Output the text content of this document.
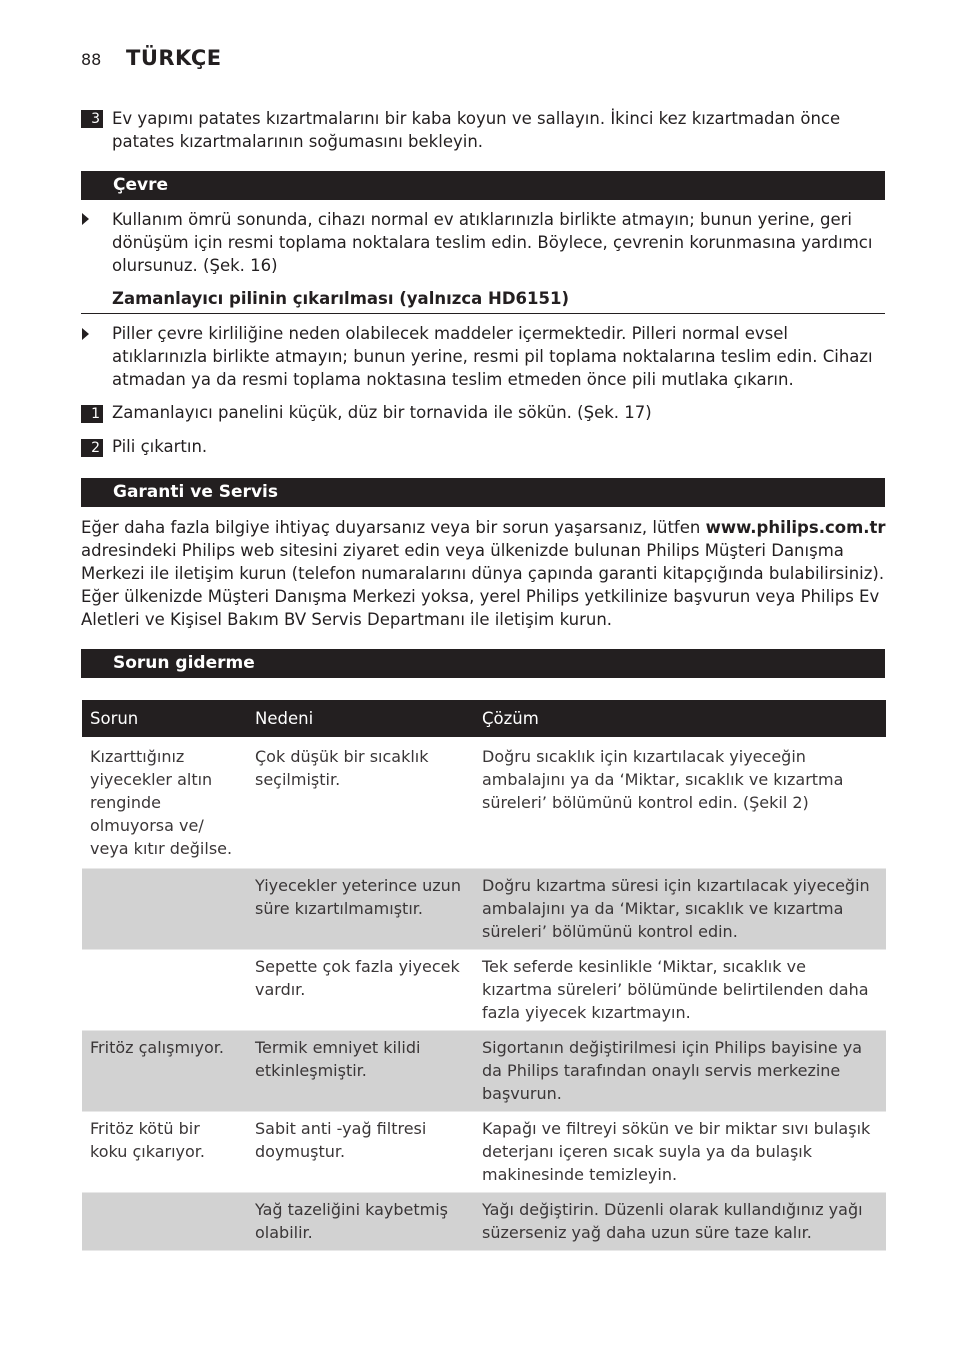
88 TÜRKÇE
3 Ev yapımı patates kızartmalarını bir kaba koyun ve sallayın. İkinci kez kızartmadan önce patates kızartmalarının soğumasını bekleyin.
Çevre
Kullanım ömrü sonunda, cihazı normal ev atıklarınızla birlikte atmayın; bunun yerine, geri dönüşüm için resmi toplama noktalara teslim edin. Böylece, çevrenin korunmasına yardımcı olursunuz. (Şek. 16)
Zamanlayıcı pilinin çıkarılması (yalnızca HD6151)
Piller çevre kirliliğine neden olabilecek maddeler içermektedir. Pilleri normal evsel atıklarınızla birlikte atmayın; bunun yerine, resmi pil toplama noktalarına teslim edin. Cihazı atmadan ya da resmi toplama noktasına teslim etmeden önce pili mutlaka çıkarın.
1 Zamanlayıcı panelini küçük, düz bir tornavida ile sökün. (Şek. 17)
2 Pili çıkartın.
Garanti ve Servis
Eğer daha fazla bilgiye ihtiyaç duyarsanız veya bir sorun yaşarsanız, lütfen www.philips.com.tr adresindeki Philips web sitesini ziyaret edin veya ülkenizde bulunan Philips Müşteri Danışma Merkezi ile iletişim kurun (telefon numaralarını dünya çapında garanti kitapçığında bulabilirsiniz). Eğer ülkenizde Müşteri Danışma Merkezi yoksa, yerel Philips yetkilinize başvurun veya Philips Ev Aletleri ve Kişisel Bakım BV Servis Departmanı ile iletişim kurun.
Sorun giderme
Sorun	Nedeni	Çözüm
Kızarttığınız yiyecekler altın renginde olmuyorsa ve/ veya kıtır değilse.	Çok düşük bir sıcaklık seçilmiştir.	Doğru sıcaklık için kızartılacak yiyeceğin ambalajını ya da ‘Miktar, sıcaklık ve kızartma süreleri’ bölümünü kontrol edin. (Şekil 2)
	Yiyecekler yeterince uzun süre kızartılmamıştır.	Doğru kızartma süresi için kızartılacak yiyeceğin ambalajını ya da ‘Miktar, sıcaklık ve kızartma süreleri’ bölümünü kontrol edin.
	Sepette çok fazla yiyecek vardır.	Tek seferde kesinlikle ‘Miktar, sıcaklık ve kızartma süreleri’ bölümünde belirtilenden daha fazla yiyecek kızartmayın.
Fritöz çalışmıyor.	Termik emniyet kilidi etkinleşmiştir.	Sigortanın değiştirilmesi için Philips bayisine ya da Philips tarafından onaylı servis merkezine başvurun.
Fritöz kötü bir koku çıkarıyor.	Sabit anti -yağ filtresi doymuştur.	Kapağı ve filtreyi sökün ve bir miktar sıvı bulaşık deterjanı içeren sıcak suyla ya da bulaşık makinesinde temizleyin.
	Yağ tazeliğini kaybetmiş olabilir.	Yağı değiştirin. Düzenli olarak kullandığınız yağı süzerseniz yağ daha uzun süre taze kalır.
